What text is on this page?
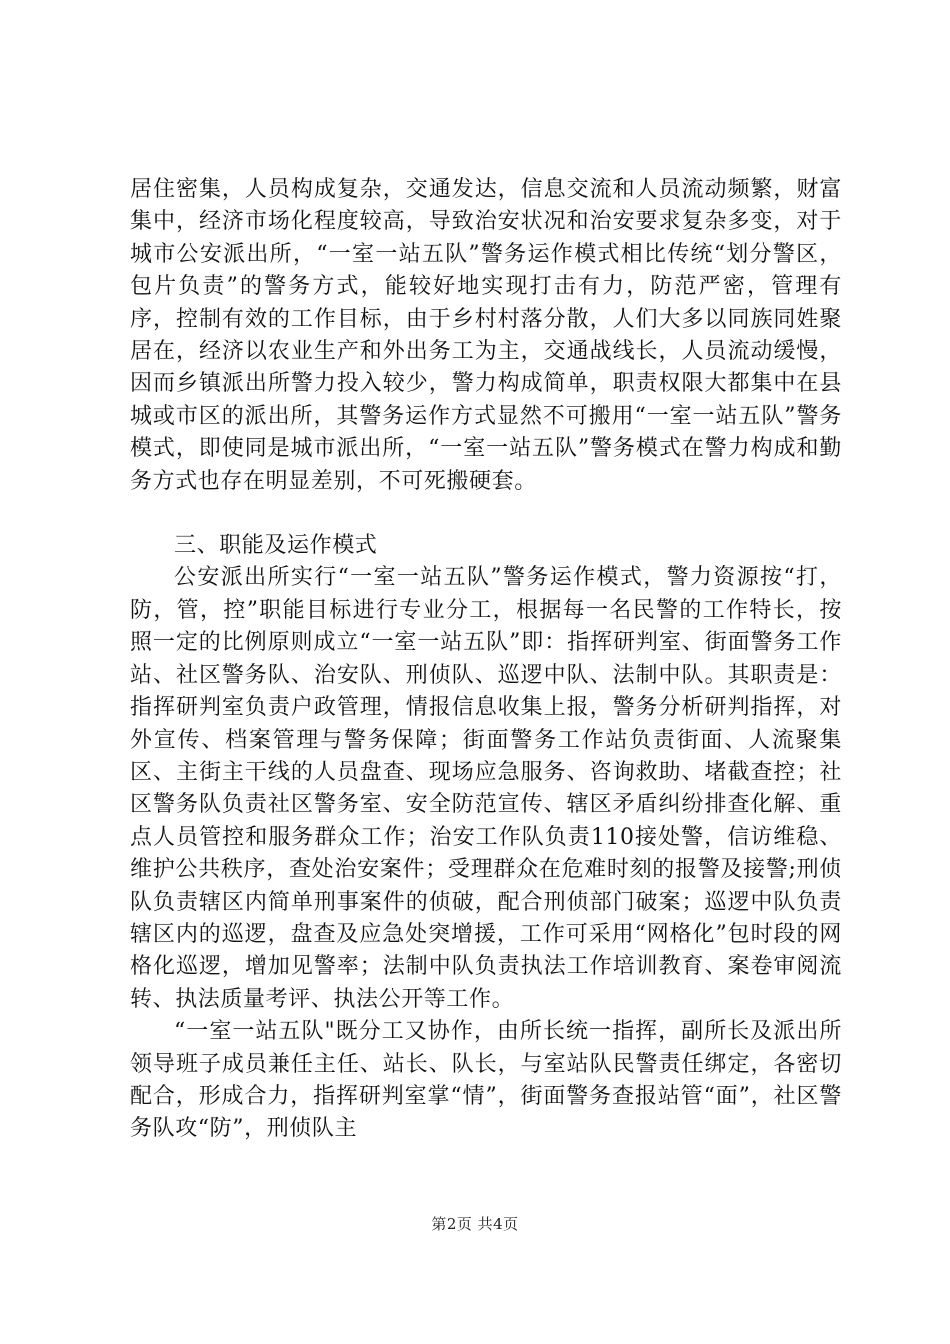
居住密集，人员构成复杂，交通发达，信息交流和人员流动频繁，财富集中，经济市场化程度较高，导致治安状况和治安要求复杂多变，对于城市公安派出所，“一室一站五队”警务运作模式相比传统“划分警区，包片负责”的警务方式，能较好地实现打击有力，防范严密，管理有序，控制有效的工作目标，由于乡村村落分散，人们大多以同族同姓聚居在，经济以农业生产和外出务工为主，交通战线长，人员流动缓慢，因而乡镇派出所警力投入较少，警力构成简单，职责权限大都集中在县城或市区的派出所，其警务运作方式显然不可搬用“一室一站五队”警务模式，即使同是城市派出所，“一室一站五队”警务模式在警力构成和勤务方式也存在明显差别，不可死搬硬套。

三、职能及运作模式

公安派出所实行“一室一站五队”警务运作模式，警力资源按“打，防，管，控”职能目标进行专业分工，根据每一名民警的工作特长，按照一定的比例原则成立“一室一站五队”即：指挥研判室、街面警务工作站、社区警务队、治安队、刑侦队、巡逻中队、法制中队。其职责是：指挥研判室负责户政管理，情报信息收集上报，警务分析研判指挥，对外宣传、档案管理与警务保障；街面警务工作站负责街面、人流聚集区、主街主干线的人员盘查、现场应急服务、咨询救助、堵截查控；社区警务队负责社区警务室、安全防范宣传、辖区矛盾纠纷排查化解、重点人员管控和服务群众工作；治安工作队负责110接处警，信访维稳、维护公共秩序，查处治安案件；受理群众在危难时刻的报警及接警;刑侦队负责辖区内简单刑事案件的侦破，配合刑侦部门破案；巡逻中队负责辖区内的巡逻，盘查及应急处突增援，工作可采用“网格化”包时段的网格化巡逻，增加见警率；法制中队负责执法工作培训教育、案卷审阅流转、执法质量考评、执法公开等工作。

“一室一站五队"既分工又协作，由所长统一指挥，副所长及派出所领导班子成员兼任主任、站长、队长，与室站队民警责任绑定，各密切配合，形成合力，指挥研判室掌“情”，街面警务查报站管“面”，社区警务队攻“防”，刑侦队主

第2页 共4页
